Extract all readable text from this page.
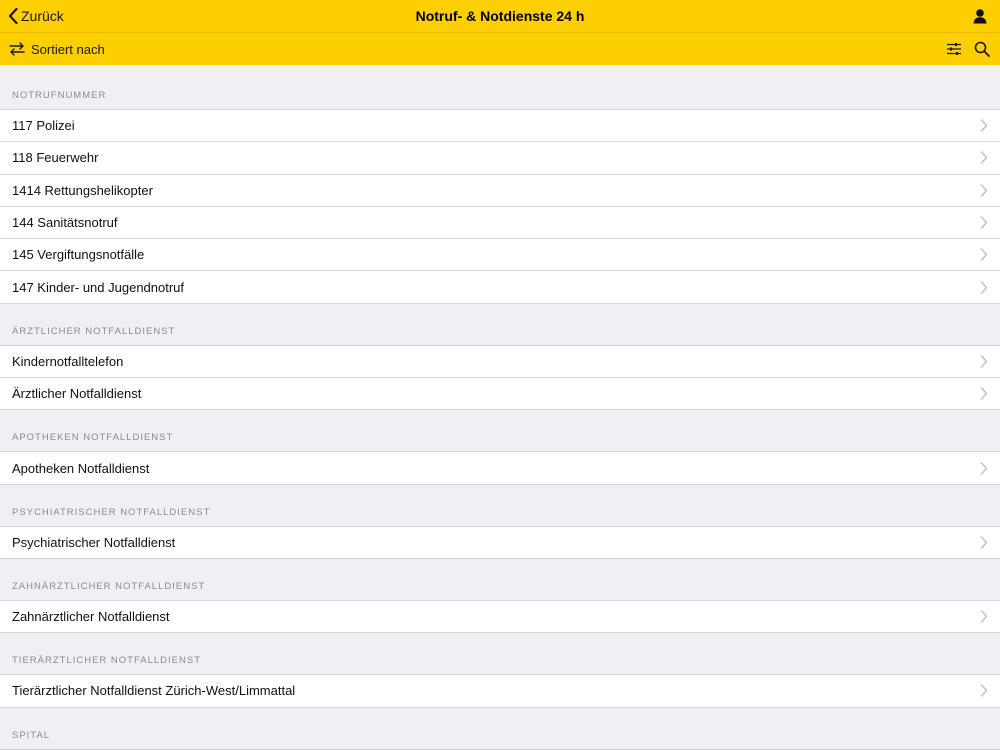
Zurück	Notruf- & Notdienste 24 h
Sortiert nach
NOTRUFNUMMER
117 Polizei
118 Feuerwehr
1414 Rettungshelikopter
144 Sanitätsnotruf
145 Vergiftungsnotfälle
147 Kinder- und Jugendnotruf
ÄRZTLICHER NOTFALLDIENST
Kindernotfalltelefon
Ärztlicher Notfalldienst
APOTHEKEN NOTFALLDIENST
Apotheken Notfalldienst
PSYCHIATRISCHER NOTFALLDIENST
Psychiatrischer Notfalldienst
ZAHNÄRZTLICHER NOTFALLDIENST
Zahnärztlicher Notfalldienst
TIERÄRZTLICHER NOTFALLDIENST
Tierärztlicher Notfalldienst Zürich-West/Limmattal
SPITAL
